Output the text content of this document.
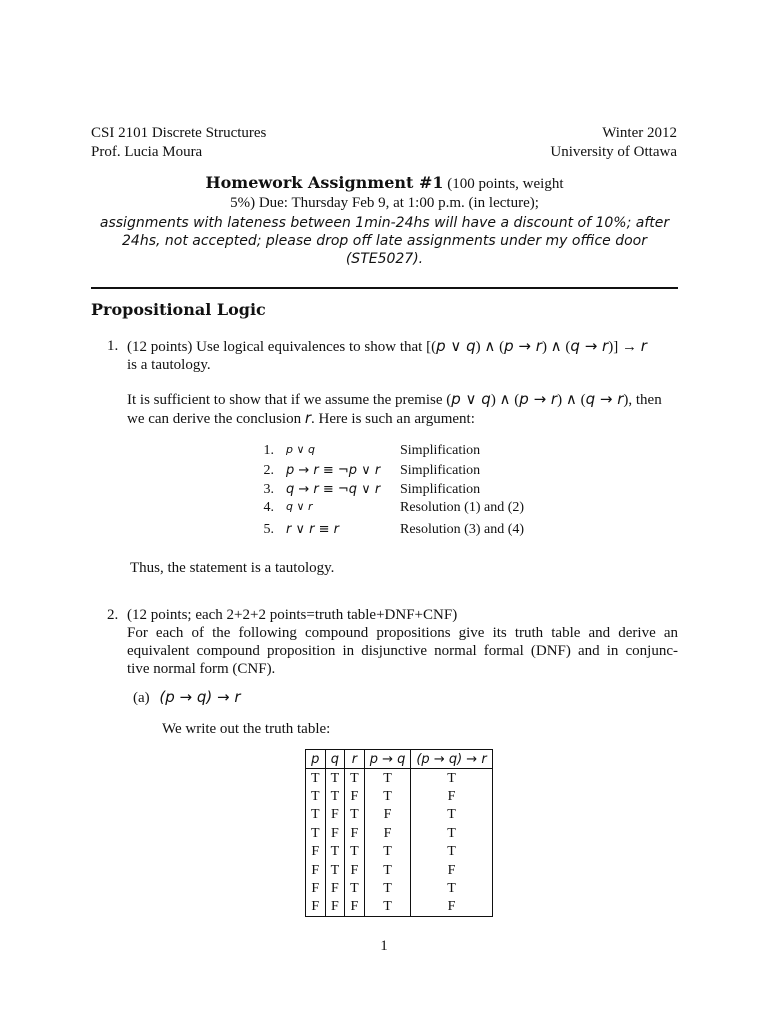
CSI 2101 Discrete Structures
Prof. Lucia Moura
Winter 2012
University of Ottawa
Homework Assignment #1 (100 points, weight
5%) Due: Thursday Feb 9, at 1:00 p.m. (in lecture);
assignments with lateness between 1min-24hs will have a discount of 10%; after 24hs, not accepted; please drop off late assignments under my office door (STE5027).
Propositional Logic
1. (12 points) Use logical equivalences to show that [(p ∨ q) ∧ (p → r) ∧ (q → r)] → r
is a tautology.
It is sufficient to show that if we assume the premise (p ∨ q) ∧ (p → r) ∧ (q → r), then
we can derive the conclusion r. Here is such an argument:
1. p ∨ q	Simplification
2. p → r ≡ ¬p ∨ r Simplification
3. q → r ≡ ¬q ∨ r Simplification
4. q ∨ r	Resolution (1) and (2)
5. r ∨ r ≡ r	Resolution (3) and (4)
Thus, the statement is a tautology.
2. (12 points; each 2+2+2 points=truth table+DNF+CNF)
For each of the following compound propositions give its truth table and derive an
equivalent compound proposition in disjunctive normal formal (DNF) and in conjunc-
tive normal form (CNF).
(a) (p → q) → r
We write out the truth table:
p	q	r	p → q	(p → q) → r
T	T	T	T	T
T	T	F	T	F
T	F	T	F	T
T	F	F	F	T
F	T	T	T	T
F	T	F	T	F
F	F	T	T	T
F	F	F	T	F
1
